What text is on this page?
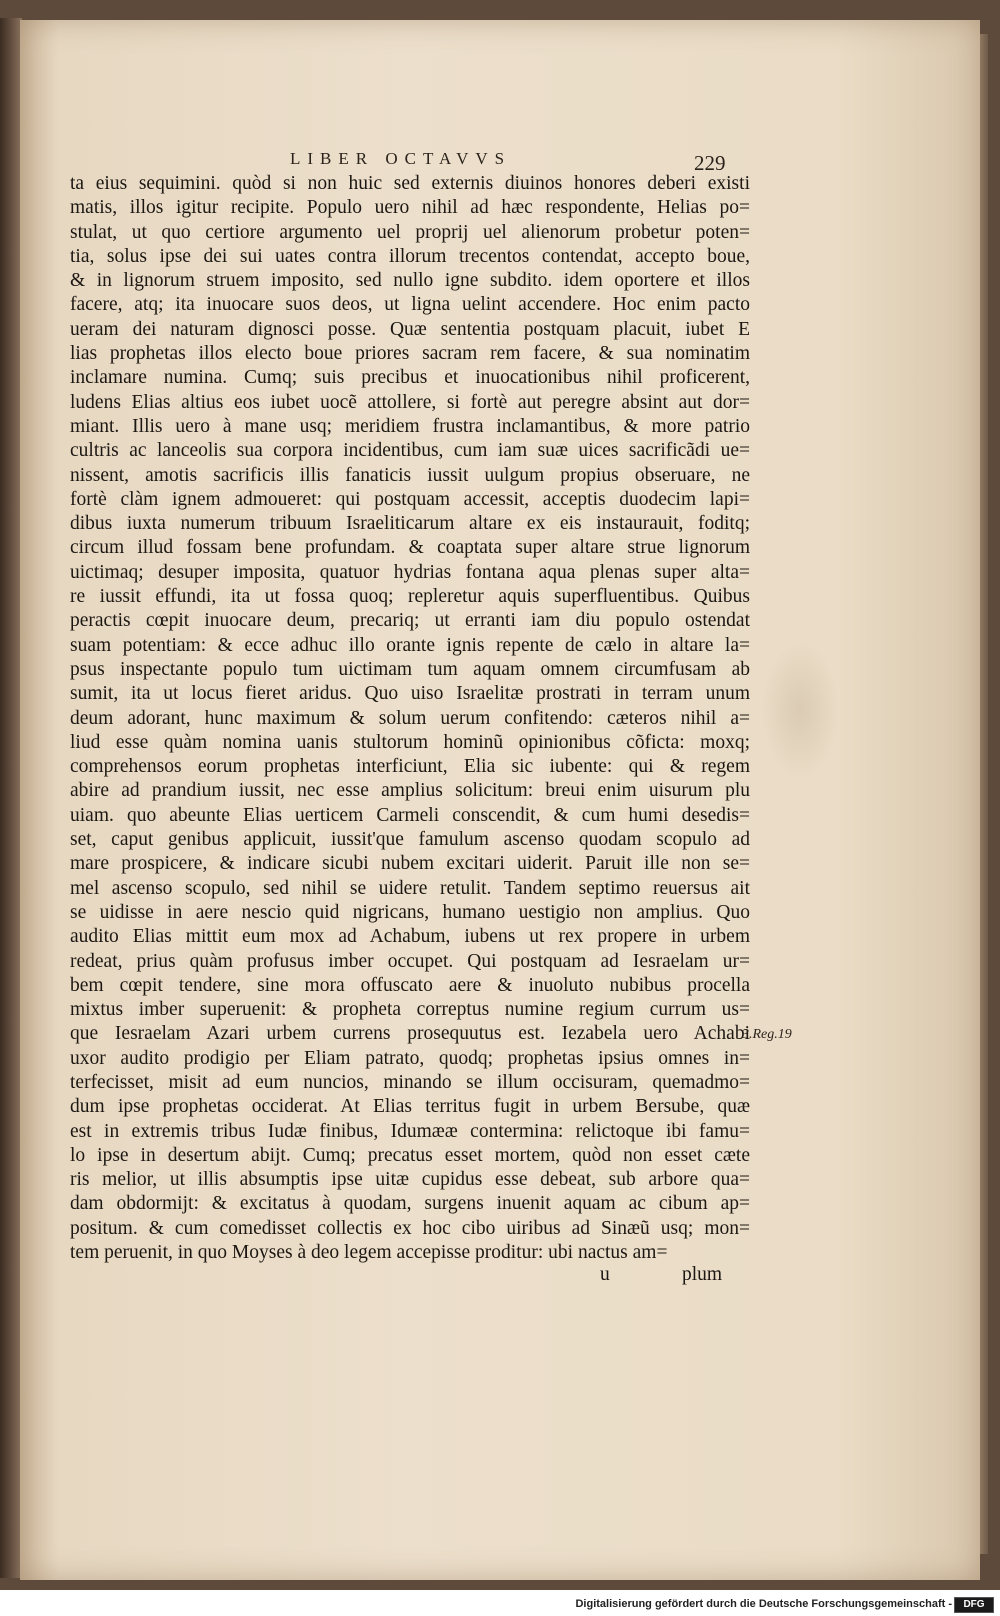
LIBER OCTAVVS	229
ta eius sequimini. quòd si non huic sed externis diuinos honores deberi existi
matis, illos igitur recipite. Populo uero nihil ad hæc respondente, Helias po=
stulat, ut quo certiore argumento uel proprij uel alienorum probetur poten=
tia, solus ipse dei sui uates contra illorum trecentos contendat, accepto boue,
& in lignorum struem imposito, sed nullo igne subdito. idem oportere et illos
facere, atq; ita inuocare suos deos, ut ligna uelint accendere. Hoc enim pacto
ueram dei naturam dignosci posse. Quæ sententia postquam placuit, iubet E
lias prophetas illos electo boue priores sacram rem facere, & sua nominatim
inclamare numina. Cumq; suis precibus et inuocationibus nihil proficerent,
ludens Elias altius eos iubet uocẽ attollere, si fortè aut peregre absint aut dor=
miant. Illis uero à mane usq; meridiem frustra inclamantibus, & more patrio
cultris ac lanceolis sua corpora incidentibus, cum iam suæ uices sacrificãdi ue=
nissent, amotis sacrificis illis fanaticis iussit uulgum propius obseruare, ne
fortè clàm ignem admoueret: qui postquam accessit, acceptis duodecim lapi=
dibus iuxta numerum tribuum Israeliticarum altare ex eis instaurauit, foditq;
circum illud fossam bene profundam. & coaptata super altare strue lignorum
uictimaq; desuper imposita, quatuor hydrias fontana aqua plenas super alta=
re iussit effundi, ita ut fossa quoq; repleretur aquis superfluentibus. Quibus
peractis cœpit inuocare deum, precariq; ut erranti iam diu populo ostendat
suam potentiam: & ecce adhuc illo orante ignis repente de cælo in altare la=
psus inspectante populo tum uictimam tum aquam omnem circumfusam ab
sumit, ita ut locus fieret aridus. Quo uiso Israelitæ prostrati in terram unum
deum adorant, hunc maximum & solum uerum confitendo: cæteros nihil a=
liud esse quàm nomina uanis stultorum hominũ opinionibus cõficta: moxq;
comprehensos eorum prophetas interficiunt, Elia sic iubente: qui & regem
abire ad prandium iussit, nec esse amplius solicitum: breui enim uisurum plu
uiam. quo abeunte Elias uerticem Carmeli conscendit, & cum humi desedis=
set, caput genibus applicuit, iussit'que famulum ascenso quodam scopulo ad
mare prospicere, & indicare sicubi nubem excitari uiderit. Paruit ille non se=
mel ascenso scopulo, sed nihil se uidere retulit. Tandem septimo reuersus ait
se uidisse in aere nescio quid nigricans, humano uestigio non amplius. Quo
audito Elias mittit eum mox ad Achabum, iubens ut rex propere in urbem
redeat, prius quàm profusus imber occupet. Qui postquam ad Iesraelam ur=
bem cœpit tendere, sine mora offuscato aere & inuoluto nubibus procella
mixtus imber superuenit: & propheta correptus numine regium currum us=
que Iesraelam Azari urbem currens prosequutus est. Iezabela uero Achabi
uxor audito prodigio per Eliam patrato, quodq; prophetas ipsius omnes in=
terfecisset, misit ad eum nuncios, minando se illum occisuram, quemadmo=
dum ipse prophetas occiderat. At Elias territus fugit in urbem Bersube, quæ
est in extremis tribus Iudæ finibus, Idumææ contermina: relictoque ibi famu=
lo ipse in desertum abijt. Cumq; precatus esset mortem, quòd non esset cæte
ris melior, ut illis absumptis ipse uitæ cupidus esse debeat, sub arbore qua=
dam obdormijt: & excitatus à quodam, surgens inuenit aquam ac cibum ap=
positum. & cum comedisset collectis ex hoc cibo uiribus ad Sinæũ usq; mon=
tem peruenit, in quo Moyses à deo legem accepisse proditur: ubi nactus am=
3.Reg.19
u	plum
Digitalisierung gefördert durch die Deutsche Forschungsgemeinschaft -	DFG
